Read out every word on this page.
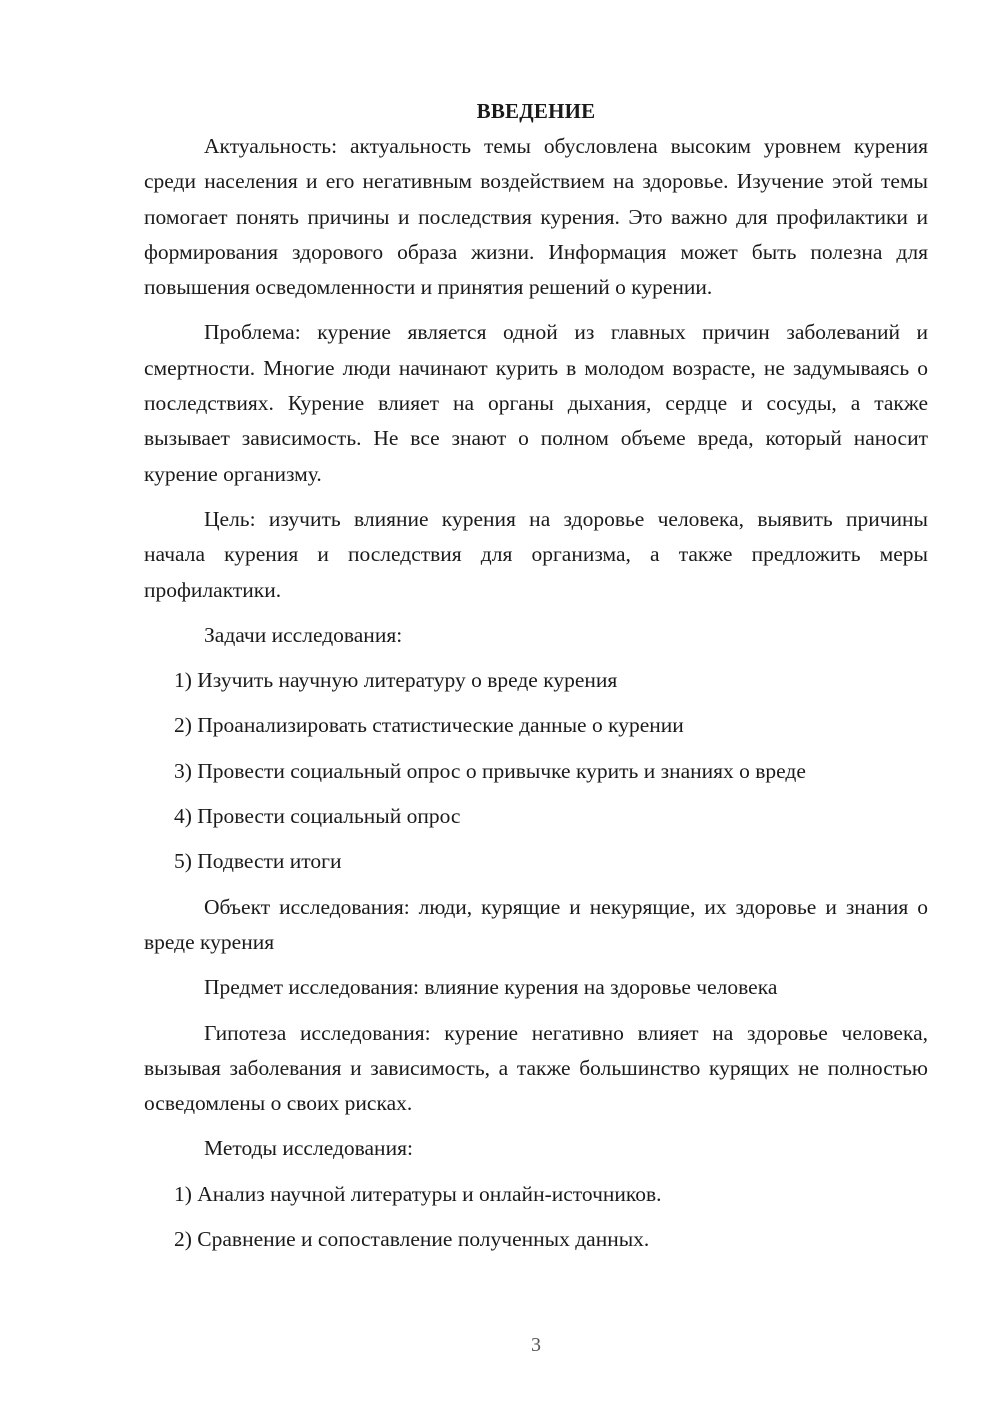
ВВЕДЕНИЕ

Актуальность: актуальность темы обусловлена высоким уровнем курения среди населения и его негативным воздействием на здоровье. Изучение этой темы помогает понять причины и последствия курения. Это важно для профилактики и формирования здорового образа жизни. Информация может быть полезна для повышения осведомленности и принятия решений о курении.

Проблема: курение является одной из главных причин заболеваний и смертности. Многие люди начинают курить в молодом возрасте, не задумываясь о последствиях. Курение влияет на органы дыхания, сердце и сосуды, а также вызывает зависимость. Не все знают о полном объеме вреда, который наносит курение организму.

Цель: изучить влияние курения на здоровье человека, выявить причины начала курения и последствия для организма, а также предложить меры профилактики.

Задачи исследования:
1) Изучить научную литературу о вреде курения
2) Проанализировать статистические данные о курении
3) Провести социальный опрос о привычке курить и знаниях о вреде
4) Провести социальный опрос
5) Подвести итоги

Объект исследования: люди, курящие и некурящие, их здоровье и знания о вреде курения

Предмет исследования: влияние курения на здоровье человека

Гипотеза исследования: курение негативно влияет на здоровье человека, вызывая заболевания и зависимость, а также большинство курящих не полностью осведомлены о своих рисках.

Методы исследования:
1) Анализ научной литературы и онлайн-источников.
2) Сравнение и сопоставление полученных данных.
3
